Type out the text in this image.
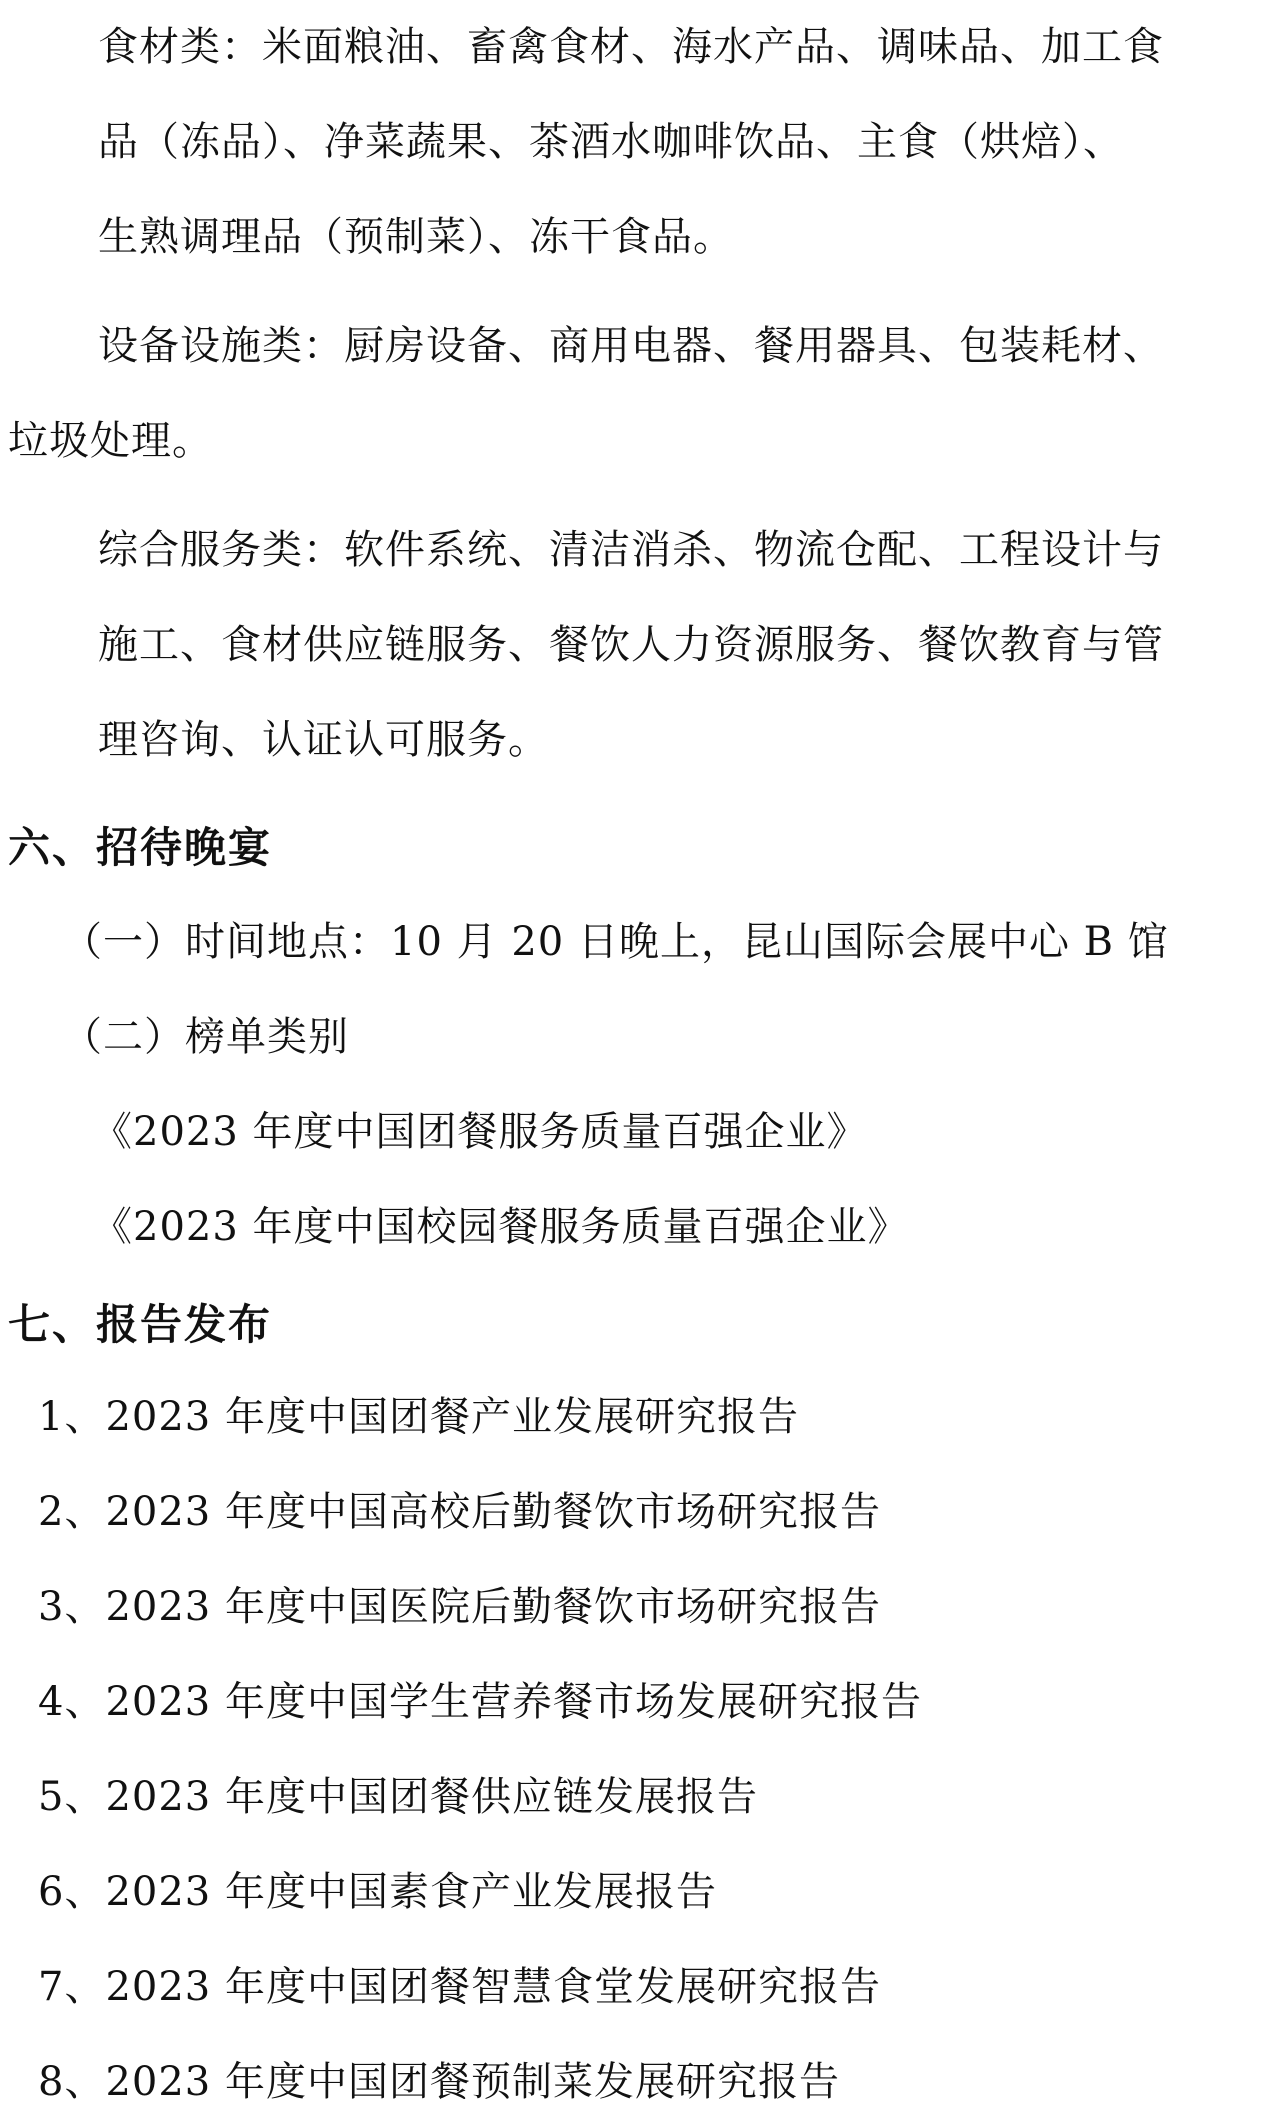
食材类：米面粮油、畜禽食材、海水产品、调味品、加工食
品（冻品）、净菜蔬果、茶酒水咖啡饮品、主食（烘焙）、
生熟调理品（预制菜）、冻干食品。
设备设施类：厨房设备、商用电器、餐用器具、包装耗材、
垃圾处理。
综合服务类：软件系统、清洁消杀、物流仓配、工程设计与
施工、食材供应链服务、餐饮人力资源服务、餐饮教育与管
理咨询、认证认可服务。
六、招待晚宴
（一）时间地点：10 月 20 日晚上，昆山国际会展中心 B 馆
（二）榜单类别
《2023 年度中国团餐服务质量百强企业》
《2023 年度中国校园餐服务质量百强企业》
七、报告发布
1、2023 年度中国团餐产业发展研究报告
2、2023 年度中国高校后勤餐饮市场研究报告
3、2023 年度中国医院后勤餐饮市场研究报告
4、2023 年度中国学生营养餐市场发展研究报告
5、2023 年度中国团餐供应链发展报告
6、2023 年度中国素食产业发展报告
7、2023 年度中国团餐智慧食堂发展研究报告
8、2023 年度中国团餐预制菜发展研究报告
